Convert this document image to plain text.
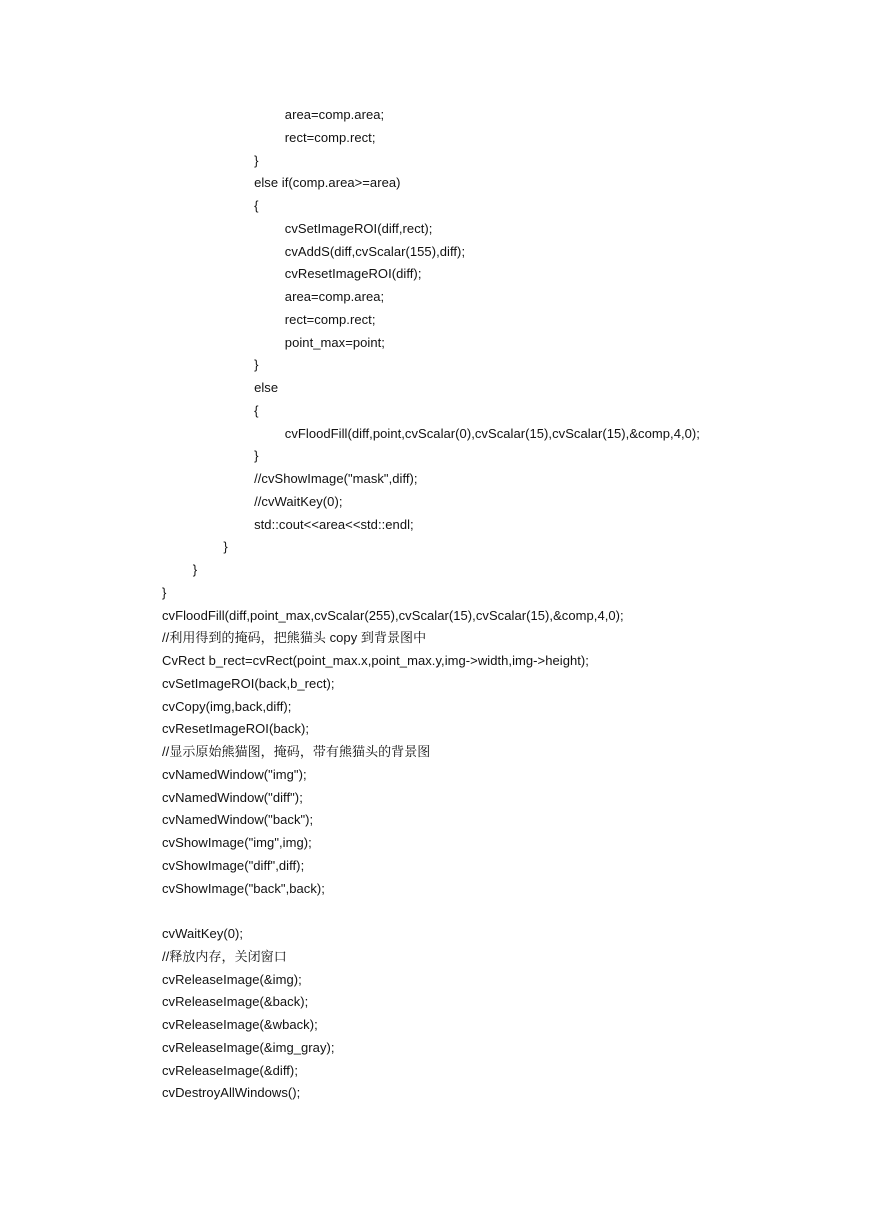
area=comp.area;
rect=comp.rect;
}
else if(comp.area>=area)
{
cvSetImageROI(diff,rect);
cvAddS(diff,cvScalar(155),diff);
cvResetImageROI(diff);
area=comp.area;
rect=comp.rect;
point_max=point;
}
else
{
cvFloodFill(diff,point,cvScalar(0),cvScalar(15),cvScalar(15),&comp,4,0);
}
//cvShowImage("mask",diff);
//cvWaitKey(0);
std::cout<<area<<std::endl;
}
}
}
cvFloodFill(diff,point_max,cvScalar(255),cvScalar(15),cvScalar(15),&comp,4,0);
//利用得到的掩码，把熊猫头 copy 到背景图中
CvRect b_rect=cvRect(point_max.x,point_max.y,img->width,img->height);
cvSetImageROI(back,b_rect);
cvCopy(img,back,diff);
cvResetImageROI(back);
//显示原始熊猫图，掩码，带有熊猫头的背景图
cvNamedWindow("img");
cvNamedWindow("diff");
cvNamedWindow("back");
cvShowImage("img",img);
cvShowImage("diff",diff);
cvShowImage("back",back);
cvWaitKey(0);
//释放内存，关闭窗口
cvReleaseImage(&img);
cvReleaseImage(&back);
cvReleaseImage(&wback);
cvReleaseImage(&img_gray);
cvReleaseImage(&diff);
cvDestroyAllWindows();
